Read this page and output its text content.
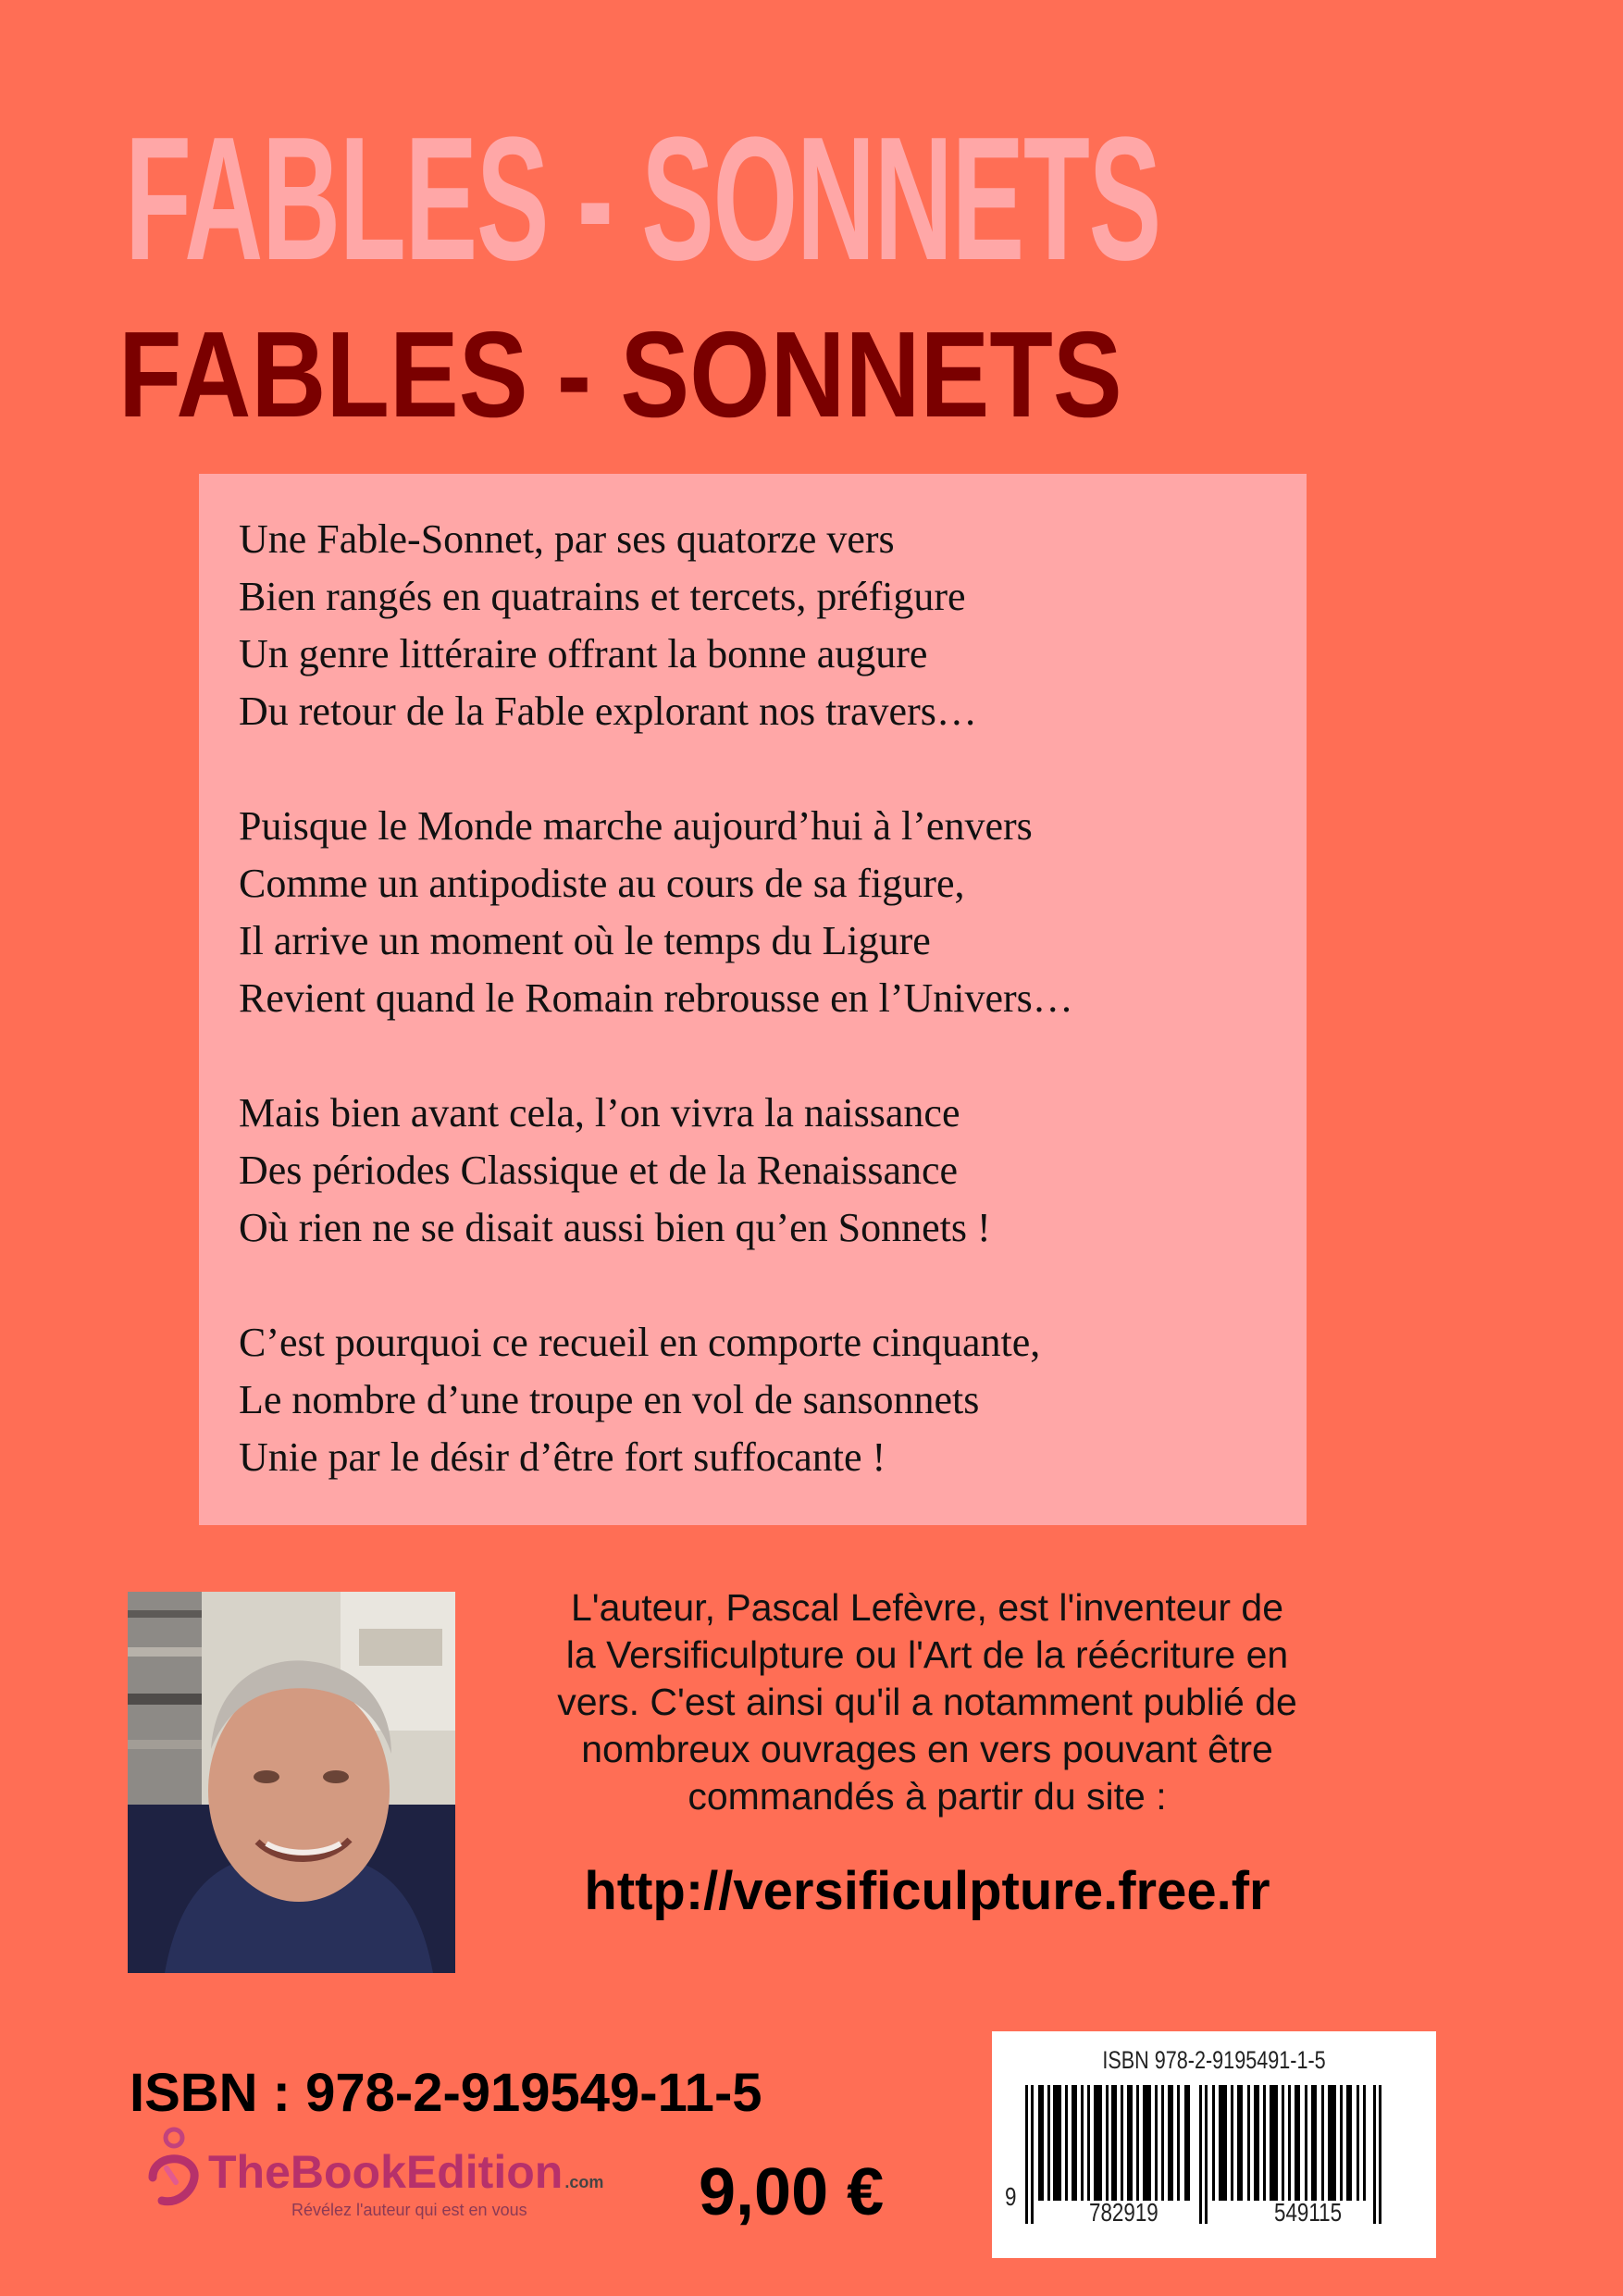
FABLES - SONNETS
FABLES - SONNETS
Une Fable-Sonnet, par ses quatorze vers
Bien rangés en quatrains et tercets, préfigure
Un genre littéraire offrant la bonne augure
Du retour de la Fable explorant nos travers…
Puisque le Monde marche aujourd’hui à l’envers
Comme un antipodiste au cours de sa figure,
Il arrive un moment où le temps du Ligure
Revient quand le Romain rebrousse en l’Univers…
Mais bien avant cela, l’on vivra la naissance
Des périodes Classique et de la Renaissance
Où rien ne se disait aussi bien qu’en Sonnets !
C’est pourquoi ce recueil en comporte cinquante,
Le nombre d’une troupe en vol de sansonnets
Unie par le désir d’être fort suffocante !
L'auteur, Pascal Lefèvre, est l'inventeur de
la Versificulpture ou l'Art de la réécriture en
vers. C'est ainsi qu'il a notamment publié de
nombreux ouvrages en vers pouvant être
commandés à partir du site :
http://versificulpture.free.fr
ISBN : 978-2-919549-11-5
TheBookEdition .com
Révélez l'auteur qui est en vous	9,00 €
ISBN 978-2-9195491-1-5
9
782919	549115
